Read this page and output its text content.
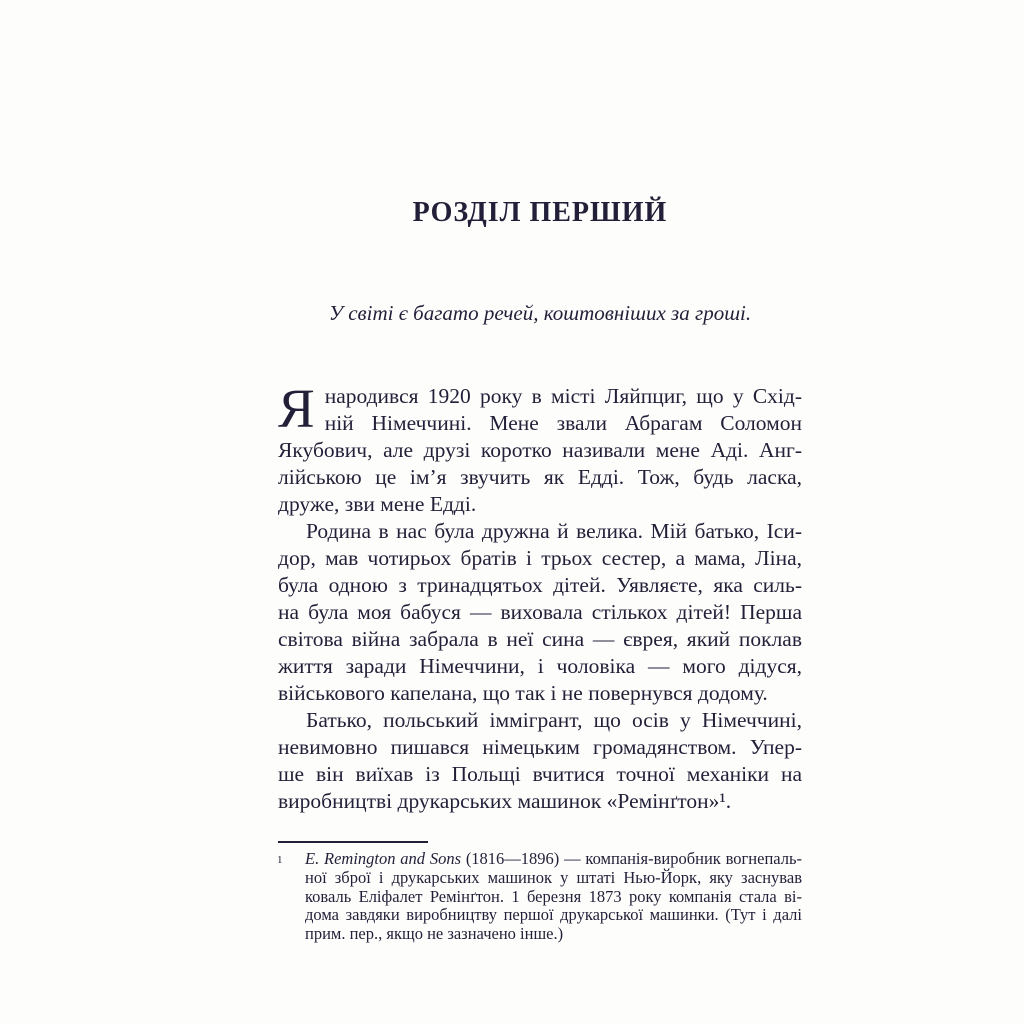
РОЗДІЛ ПЕРШИЙ
У світі є багато речей, коштовніших за гроші.
Я народився 1920 року в місті Ляйпциг, що у Схід-
ній Німеччині. Мене звали Абрагам Соломон
Якубович, але друзі коротко називали мене Аді. Анг-
лійською це ім’я звучить як Едді. Тож, будь ласка,
друже, зви мене Едді.
Родина в нас була дружна й велика. Мій батько, Іси-
дор, мав чотирьох братів і трьох сестер, а мама, Ліна,
була одною з тринадцятьох дітей. Уявляєте, яка силь-
на була моя бабуся — виховала стількох дітей! Перша
світова війна забрала в неї сина — єврея, який поклав
життя заради Німеччини, і чоловіка — мого дідуся,
військового капелана, що так і не повернувся додому.
Батько, польський іммігрант, що осів у Німеччині,
невимовно пишався німецьким громадянством. Упер-
ше він виїхав із Польщі вчитися точної механіки на
виробництві друкарських машинок «Ремінґтон»¹.
1	E. Remington and Sons (1816—1896) — компанія-виробник вогнепаль-
ної зброї і друкарських машинок у штаті Нью-Йорк, яку заснував
коваль Еліфалет Ремінґтон. 1 березня 1873 року компанія стала ві-
дома завдяки виробництву першої друкарської машинки. (Тут і далі
прим. пер., якщо не зазначено інше.)
